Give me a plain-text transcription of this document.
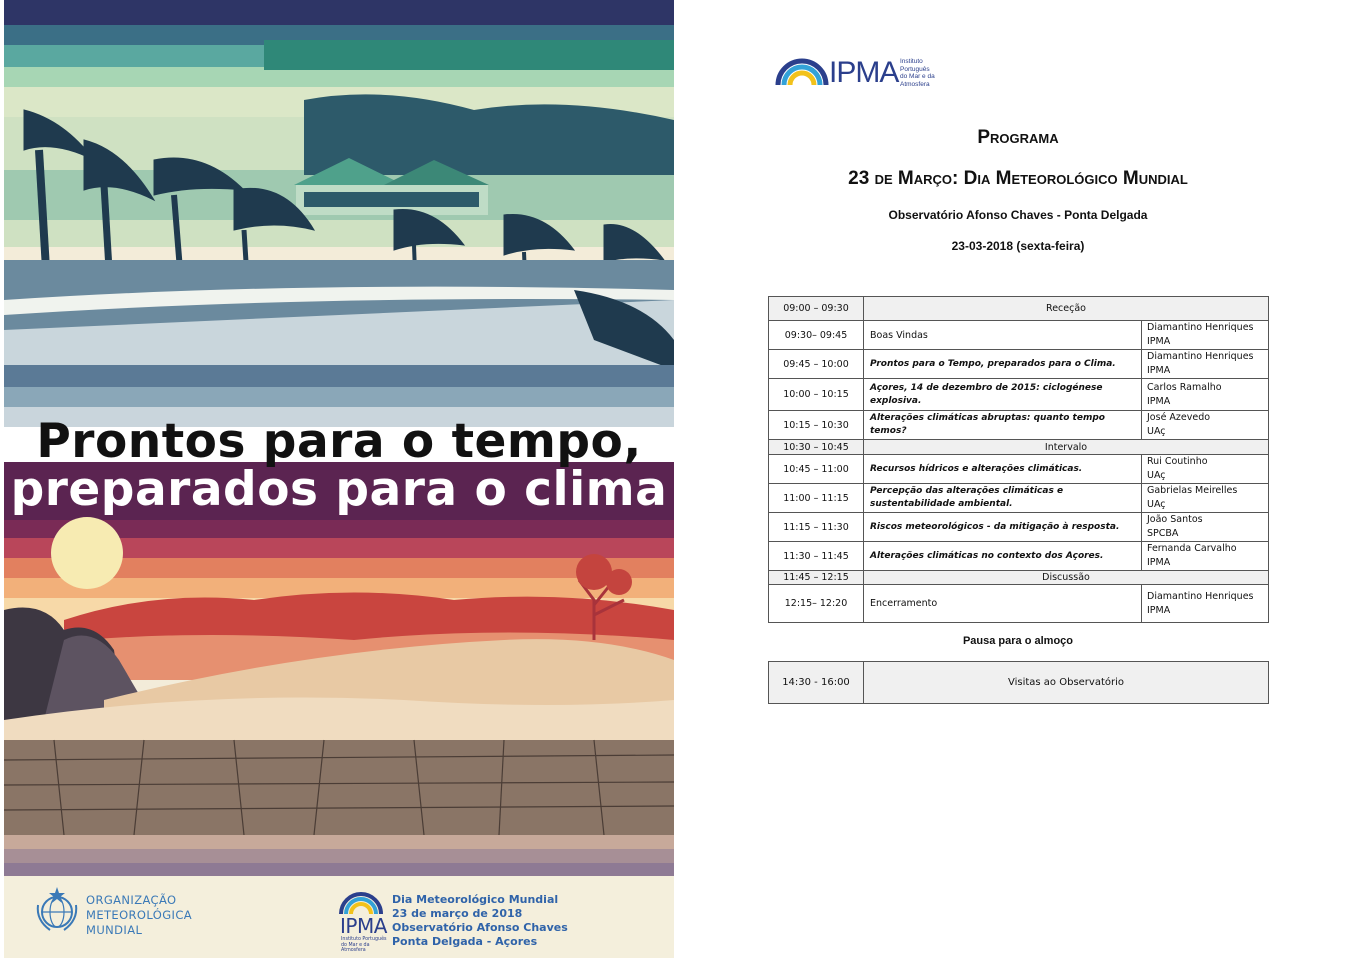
Prontos para o tempo,
preparados para o clima
ORGANIZAÇÃO
METEOROLÓGICA
MUNDIAL	IPMA
Instituto Português do Mar e da Atmosfera
Dia Meteorológico Mundial
23 de março de 2018
Observatório Afonso Chaves
Ponta Delgada - Açores
IPMA Instituto
Português
do Mar e da
Atmosfera
Programa
23 de Março: Dia Meteorológico Mundial
Observatório Afonso Chaves - Ponta Delgada
23-03-2018 (sexta-feira)
09:00 – 09:30	Receção	
09:30– 09:45	Boas Vindas	Diamantino Henriques
IPMA

09:45 – 10:00	Prontos para o Tempo, preparados para o Clima.	Diamantino Henriques
IPMA

10:00 – 10:15	Açores, 14 de dezembro de 2015: ciclogénese explosiva.	Carlos Ramalho
IPMA

10:15 – 10:30	Alterações climáticas abruptas: quanto tempo temos?	José Azevedo
UAç

10:30 – 10:45	Intervalo	
10:45 – 11:00	Recursos hídricos e alterações climáticas.	Rui Coutinho
UAç

11:00 – 11:15	Percepção das alterações climáticas e sustentabilidade ambiental.	Gabrielas Meirelles
UAç

11:15 – 11:30	Riscos meteorológicos - da mitigação à resposta.	João Santos
SPCBA

11:30 – 11:45	Alterações climáticas no contexto dos Açores.	Fernanda Carvalho
IPMA

11:45 – 12:15	Discussão	
12:15– 12:20	Encerramento	Diamantino Henriques
IPMA
Pausa para o almoço
14:30 - 16:00	Visitas ao Observatório
